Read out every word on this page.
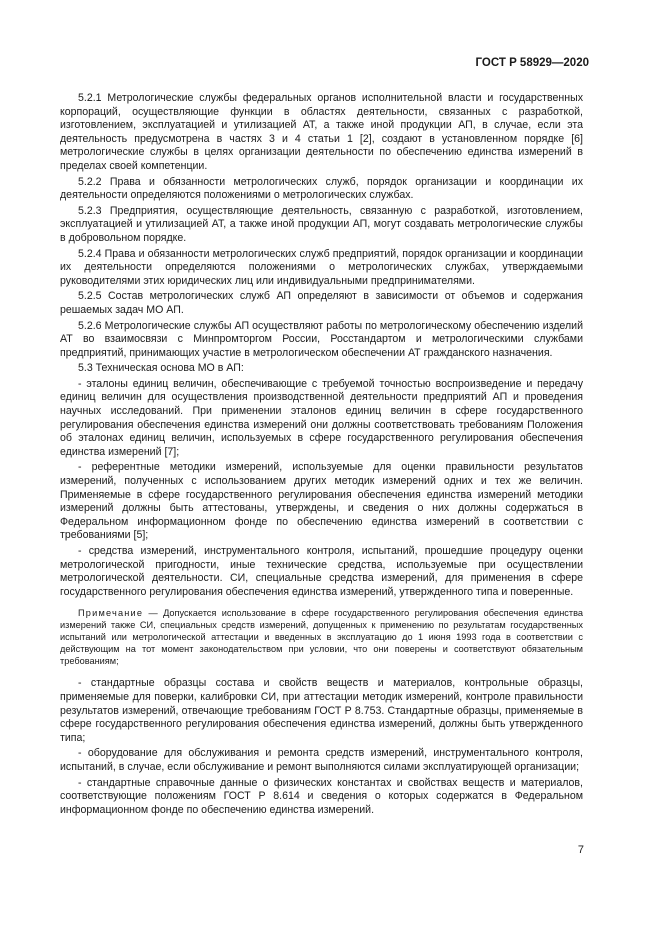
ГОСТ Р 58929—2020

5.2.1 Метрологические службы федеральных органов исполнительной власти и государственных корпораций, осуществляющие функции в областях деятельности, связанных с разработкой, изготовлением, эксплуатацией и утилизацией АТ, а также иной продукции АП, в случае, если эта деятельность предусмотрена в частях 3 и 4 статьи 1 [2], создают в установленном порядке [6] метрологические службы в целях организации деятельности по обеспечению единства измерений в пределах своей компетенции.

5.2.2 Права и обязанности метрологических служб, порядок организации и координации их деятельности определяются положениями о метрологических службах.

5.2.3 Предприятия, осуществляющие деятельность, связанную с разработкой, изготовлением, эксплуатацией и утилизацией АТ, а также иной продукции АП, могут создавать метрологические службы в добровольном порядке.

5.2.4 Права и обязанности метрологических служб предприятий, порядок организации и координации их деятельности определяются положениями о метрологических службах, утверждаемыми руководителями этих юридических лиц или индивидуальными предпринимателями.

5.2.5 Состав метрологических служб АП определяют в зависимости от объемов и содержания решаемых задач МО АП.

5.2.6 Метрологические службы АП осуществляют работы по метрологическому обеспечению изделий АТ во взаимосвязи с Минпромторгом России, Росстандартом и метрологическими службами предприятий, принимающих участие в метрологическом обеспечении АТ гражданского назначения.

5.3 Техническая основа МО в АП:

- эталоны единиц величин, обеспечивающие с требуемой точностью воспроизведение и передачу единиц величин для осуществления производственной деятельности предприятий АП и проведения научных исследований. При применении эталонов единиц величин в сфере государственного регулирования обеспечения единства измерений они должны соответствовать требованиям Положения об эталонах единиц величин, используемых в сфере государственного регулирования обеспечения единства измерений [7];

- референтные методики измерений, используемые для оценки правильности результатов измерений, полученных с использованием других методик измерений одних и тех же величин. Применяемые в сфере государственного регулирования обеспечения единства измерений методики измерений должны быть аттестованы, утверждены, и сведения о них должны содержаться в Федеральном информационном фонде по обеспечению единства измерений в соответствии с требованиями [5];

- средства измерений, инструментального контроля, испытаний, прошедшие процедуру оценки метрологической пригодности, иные технические средства, используемые при осуществлении метрологической деятельности. СИ, специальные средства измерений, для применения в сфере государственного регулирования обеспечения единства измерений, утвержденного типа и поверенные.

Примечание — Допускается использование в сфере государственного регулирования обеспечения единства измерений также СИ, специальных средств измерений, допущенных к применению по результатам государственных испытаний или метрологической аттестации и введенных в эксплуатацию до 1 июня 1993 года в соответствии с действующим на тот момент законодательством при условии, что они поверены и соответствуют обязательным требованиям;

- стандартные образцы состава и свойств веществ и материалов, контрольные образцы, применяемые для поверки, калибровки СИ, при аттестации методик измерений, контроле правильности результатов измерений, отвечающие требованиям ГОСТ Р 8.753. Стандартные образцы, применяемые в сфере государственного регулирования обеспечения единства измерений, должны быть утвержденного типа;

- оборудование для обслуживания и ремонта средств измерений, инструментального контроля, испытаний, в случае, если обслуживание и ремонт выполняются силами эксплуатирующей организации;

- стандартные справочные данные о физических константах и свойствах веществ и материалов, соответствующие положениям ГОСТ Р 8.614 и сведения о которых содержатся в Федеральном информационном фонде по обеспечению единства измерений.

7
